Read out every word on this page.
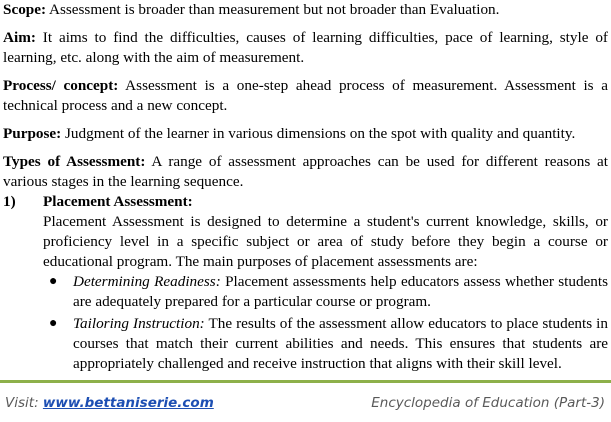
Scope: Assessment is broader than measurement but not broader than Evaluation.

Aim: It aims to find the difficulties, causes of learning difficulties, pace of learning, style of learning, etc. along with the aim of measurement.

Process/ concept: Assessment is a one-step ahead process of measurement. Assessment is a technical process and a new concept.

Purpose: Judgment of the learner in various dimensions on the spot with quality and quantity.

Types of Assessment: A range of assessment approaches can be used for different reasons at various stages in the learning sequence.

1)	Placement Assessment:
Placement Assessment is designed to determine a student's current knowledge, skills, or proficiency level in a specific subject or area of study before they begin a course or educational program. The main purposes of placement assessments are:
●	Determining Readiness: Placement assessments help educators assess whether students are adequately prepared for a particular course or program.
●	Tailoring Instruction: The results of the assessment allow educators to place students in courses that match their current abilities and needs. This ensures that students are appropriately challenged and receive instruction that aligns with their skill level.
Visit: www.bettaniserie.com	Encyclopedia of Education (Part-3)
